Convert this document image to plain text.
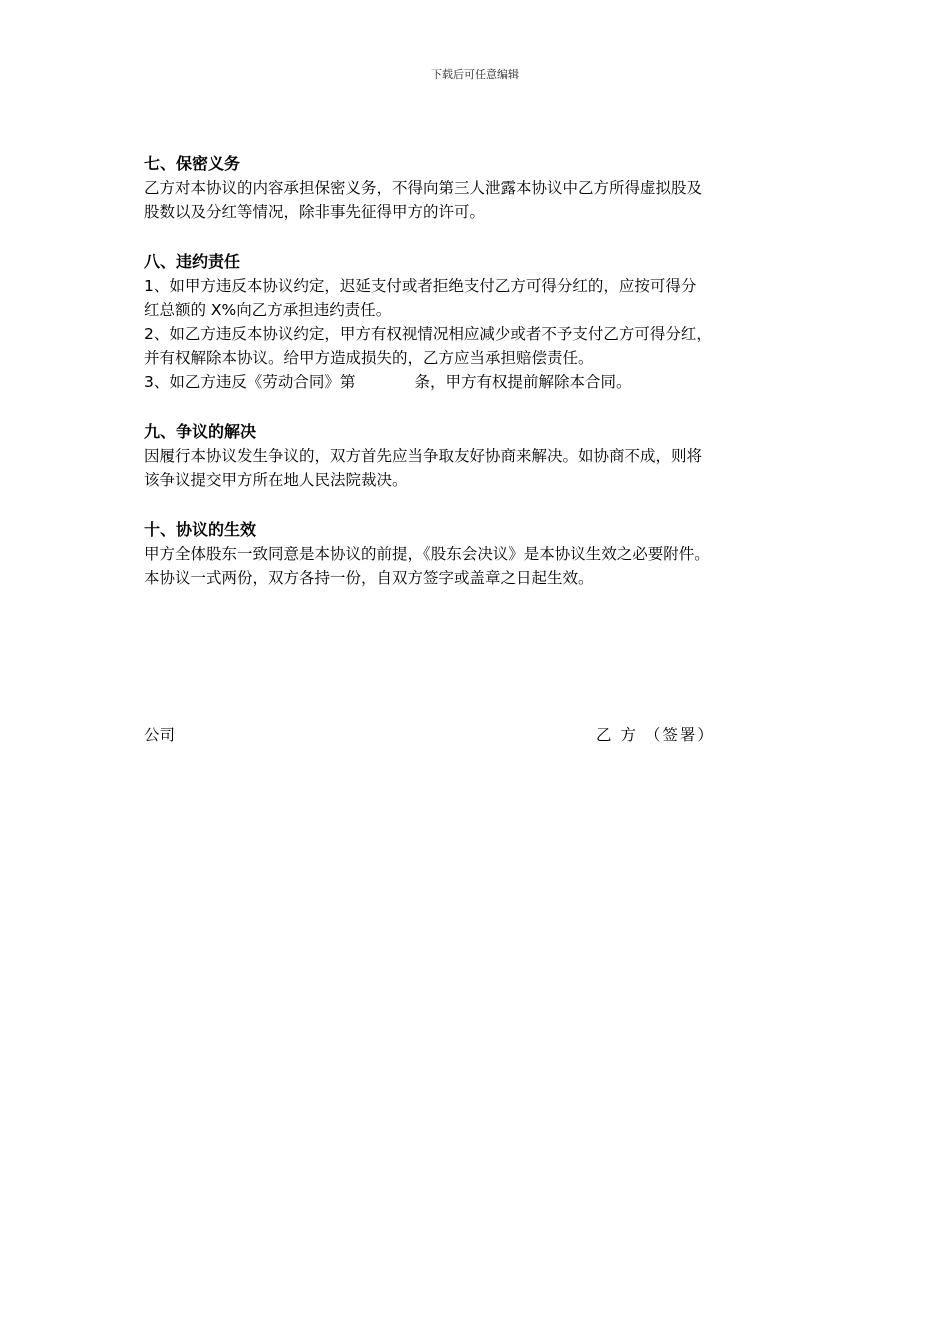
下载后可任意编辑
七、保密义务
乙方对本协议的内容承担保密义务，不得向第三人泄露本协议中乙方所得虚拟股及
股数以及分红等情况，除非事先征得甲方的许可。
八、违约责任
1、如甲方违反本协议约定，迟延支付或者拒绝支付乙方可得分红的，应按可得分
红总额的 X%向乙方承担违约责任。
2、如乙方违反本协议约定，甲方有权视情况相应减少或者不予支付乙方可得分红，
并有权解除本协议。给甲方造成损失的，乙方应当承担赔偿责任。
3、如乙方违反《劳动合同》第            条，甲方有权提前解除本合同。
九、争议的解决
因履行本协议发生争议的，双方首先应当争取友好协商来解决。如协商不成，则将
该争议提交甲方所在地人民法院裁决。
十、协议的生效
甲方全体股东一致同意是本协议的前提，《股东会决议》是本协议生效之必要附件。
本协议一式两份，双方各持一份，自双方签字或盖章之日起生效。
公司	乙 方 （签署）
